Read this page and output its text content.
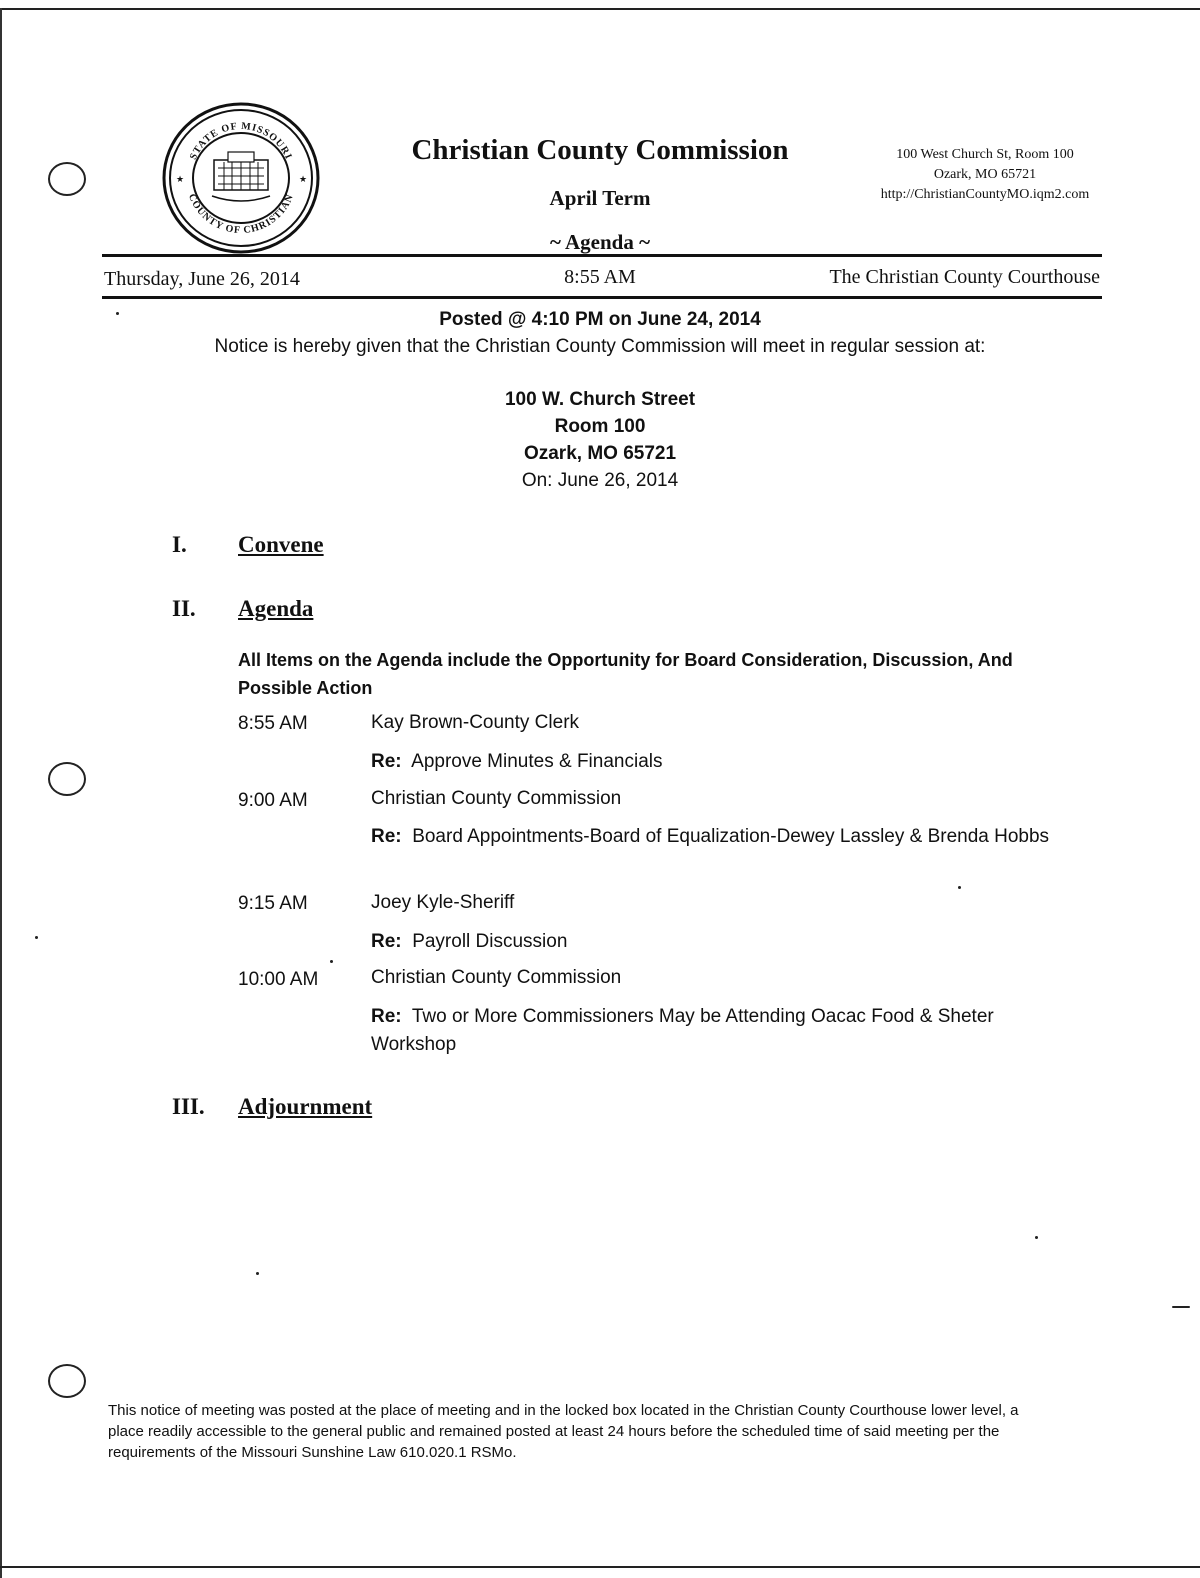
STATE OF MISSOURI
COUNTY OF CHRISTIAN
★	★
Christian County Commission
April Term
~ Agenda ~
100 West Church St, Room 100
Ozark, MO 65721
http://ChristianCountyMO.iqm2.com
Thursday, June 26, 2014	8:55 AM	The Christian County Courthouse
Posted @ 4:10 PM on June 24, 2014
Notice is hereby given that the Christian County Commission will meet in regular session at:
100 W. Church Street
Room 100
Ozark, MO 65721
On: June 26, 2014
I. Convene
II. Agenda
All Items on the Agenda include the Opportunity for Board Consideration, Discussion, And Possible Action
8:55 AM	Kay Brown-County Clerk
Re: Approve Minutes & Financials
9:00 AM	Christian County Commission
Re: Board Appointments-Board of Equalization-Dewey Lassley & Brenda Hobbs
9:15 AM	Joey Kyle-Sheriff
Re: Payroll Discussion
10:00 AM	Christian County Commission
Re: Two or More Commissioners May be Attending Oacac Food & Sheter Workshop
III. Adjournment
This notice of meeting was posted at the place of meeting and in the locked box located in the Christian County Courthouse lower level, a place readily accessible to the general public and remained posted at least 24 hours before the scheduled time of said meeting per the requirements of the Missouri Sunshine Law 610.020.1 RSMo.
